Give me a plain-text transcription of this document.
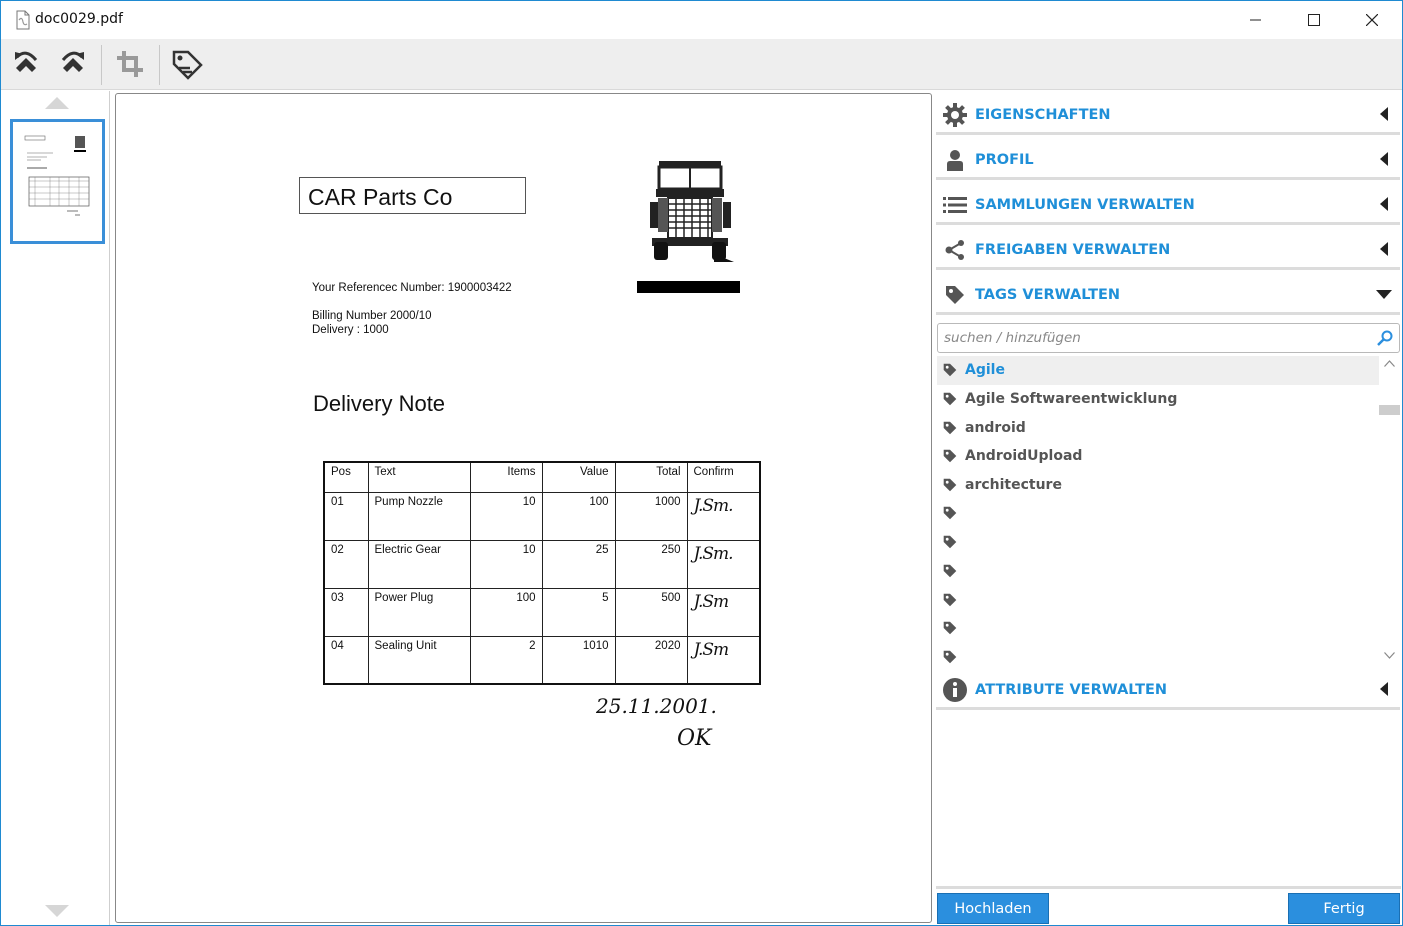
doc0029.pdf
CAR Parts Co
Your Referencec Number: 1900003422
Billing Number 2000/10
Delivery : 1000
Delivery Note
Pos	Text	Items	Value	Total	Confirm
01	Pump Nozzle	10	100	1000	J.Sm.
02	Electric Gear	10	25	250	J.Sm.
03	Power Plug	100	5	500	J.Sm
04	Sealing Unit	2	1010	2020	J.Sm
25.11.2001.
OK
EIGENSCHAFTEN
PROFIL
SAMMLUNGEN VERWALTEN
FREIGABEN VERWALTEN
TAGS VERWALTEN
suchen / hinzufügen
Agile
Agile Softwareentwicklung
android
AndroidUpload
architecture
ATTRIBUTE VERWALTEN
Hochladen	Fertig
